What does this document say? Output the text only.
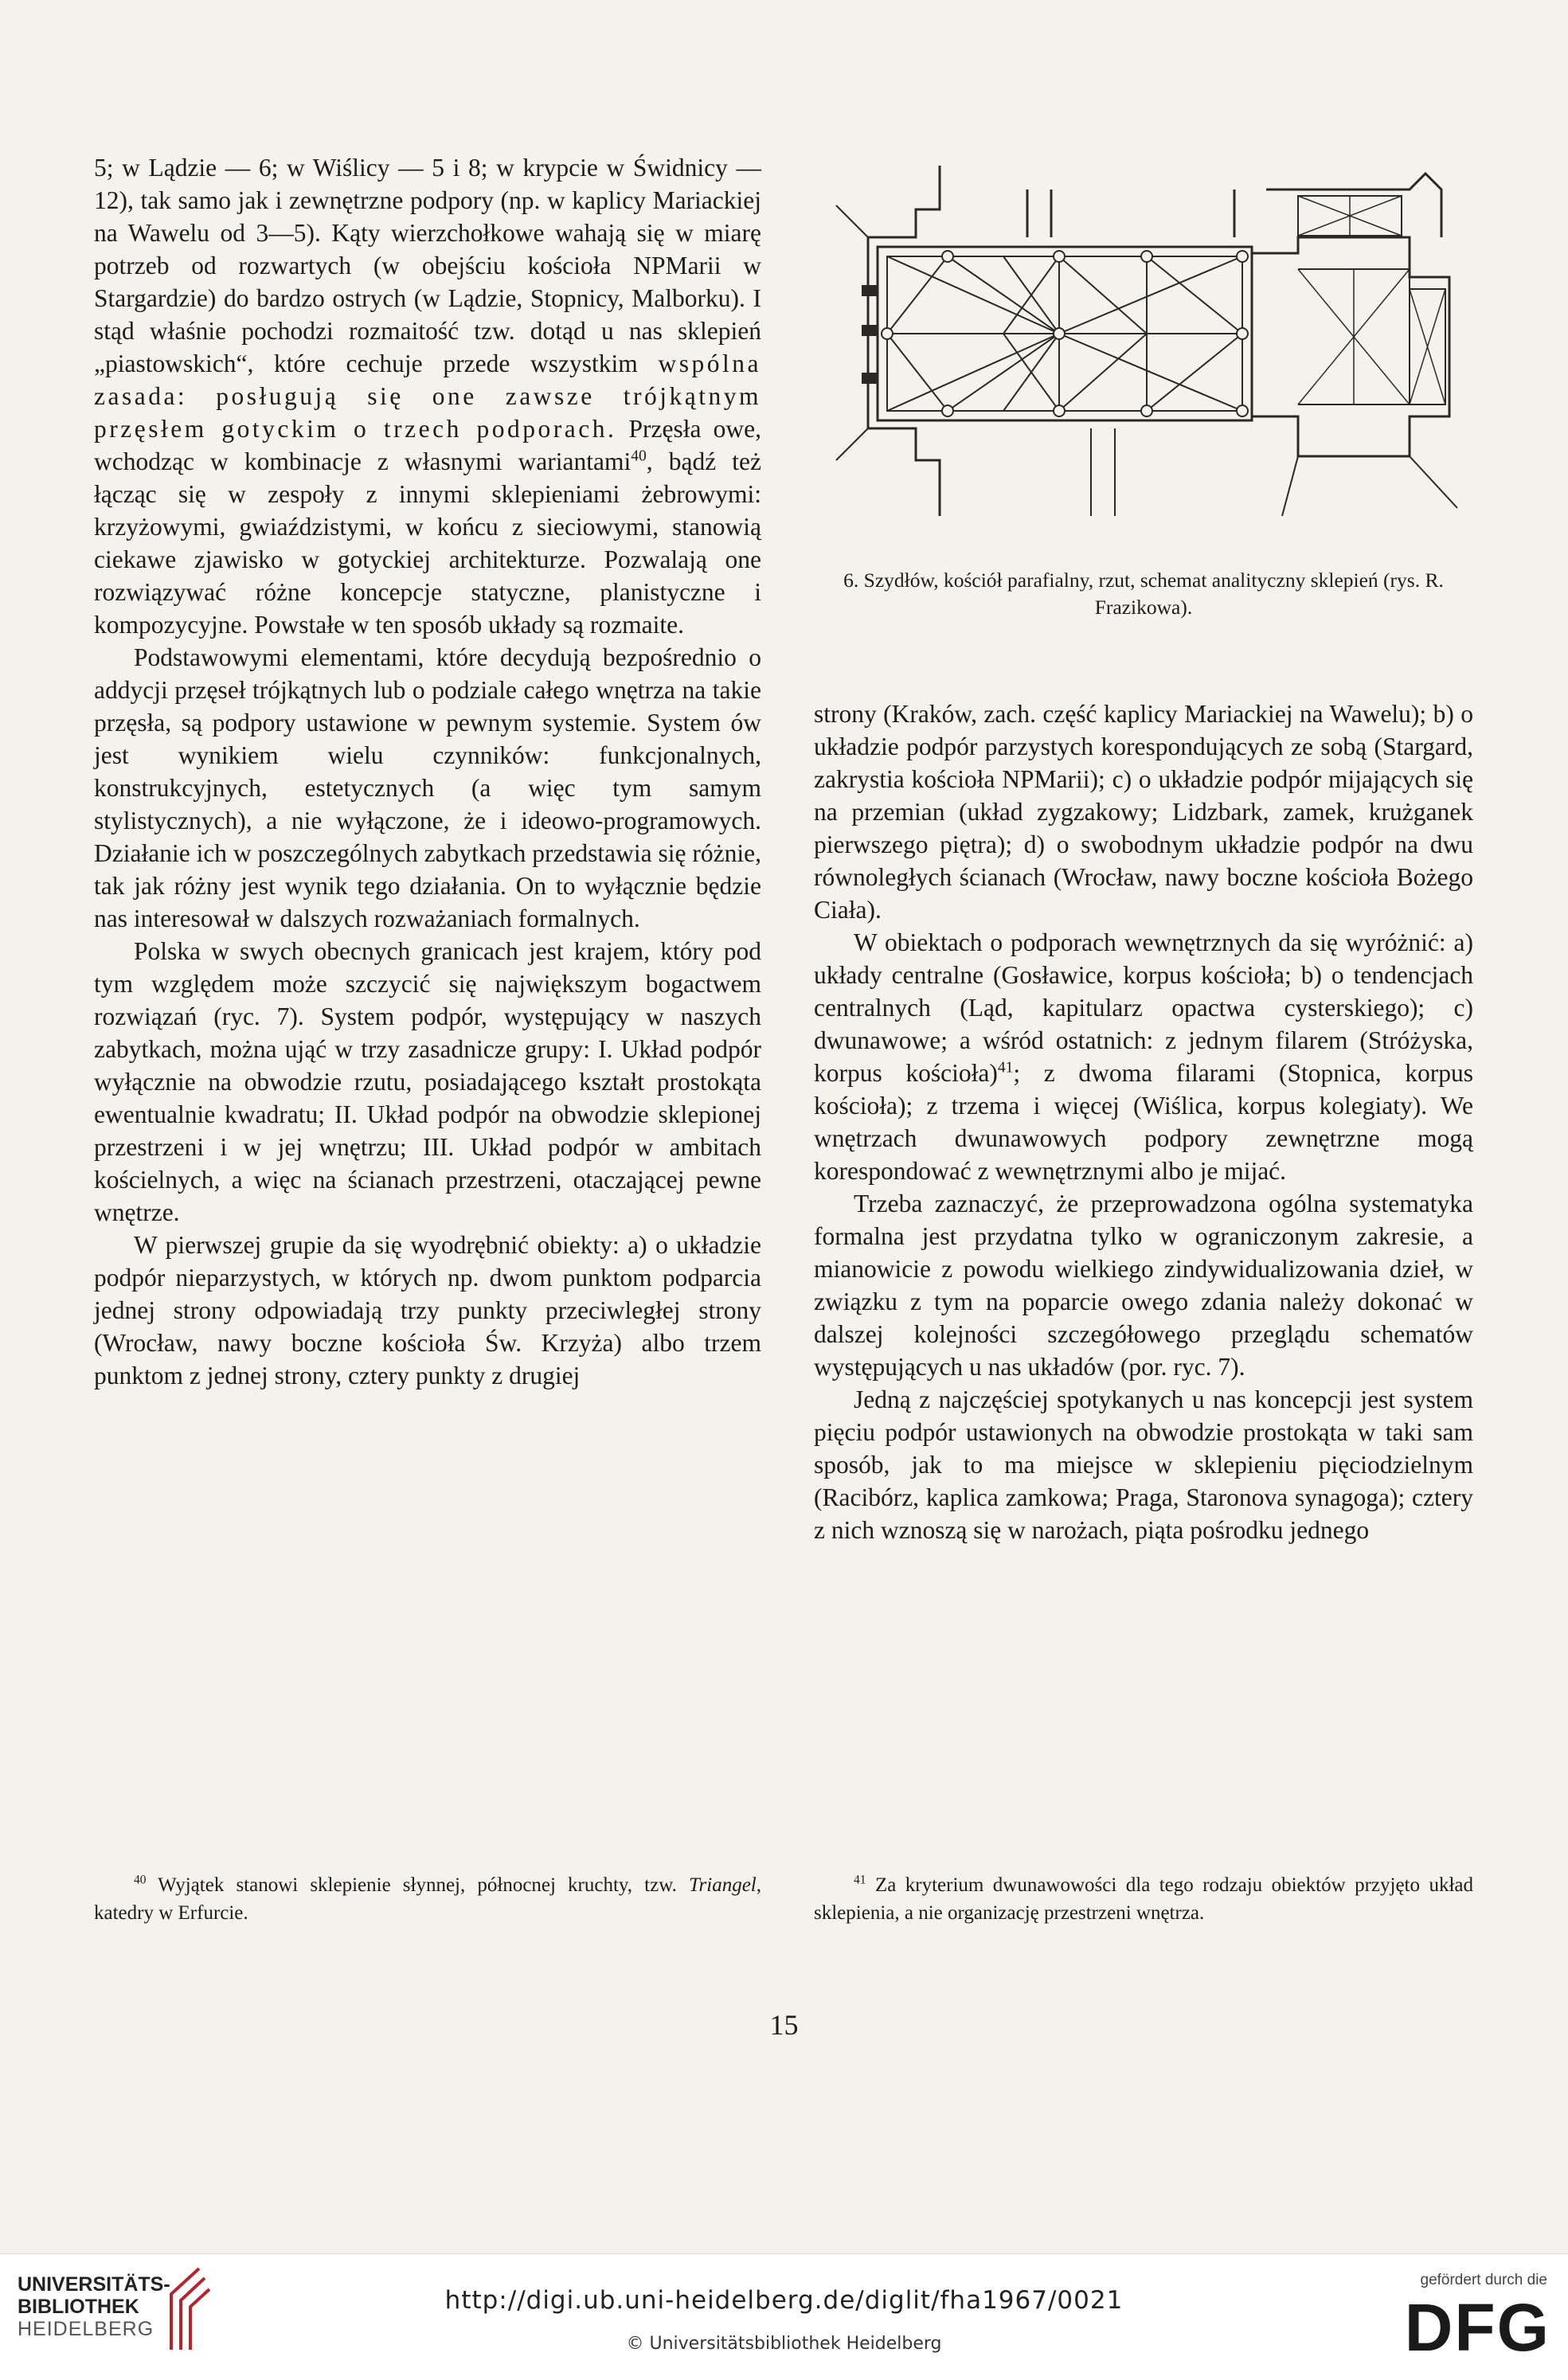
5; w Lądzie — 6; w Wiślicy — 5 i 8; w krypcie w Świdnicy — 12), tak samo jak i zewnętrzne podpory (np. w kaplicy Mariackiej na Wawelu od 3—5). Kąty wierzchołkowe wahają się w miarę potrzeb od rozwartych (w obejściu kościoła NPMarii w Stargardzie) do bardzo ostrych (w Lądzie, Stopnicy, Malborku). I stąd właśnie pochodzi rozmaitość tzw. dotąd u nas sklepień „piastowskich“, które cechuje przede wszystkim wspólna zasada: posługują się one zawsze trójkątnym przęsłem gotyckim o trzech podporach. Przęsła owe, wchodząc w kombinacje z własnymi wariantami$^{40}$, bądź też łącząc się w zespoły z innymi sklepieniami żebrowymi: krzyżowymi, gwiaździstymi, w końcu z sieciowymi, stanowią ciekawe zjawisko w gotyckiej architekturze. Pozwalają one rozwiązywać różne koncepcje statyczne, planistyczne i kompozycyjne. Powstałe w ten sposób układy są rozmaite.

Podstawowymi elementami, które decydują bezpośrednio o addycji przęseł trójkątnych lub o podziale całego wnętrza na takie przęsła, są podpory ustawione w pewnym systemie. System ów jest wynikiem wielu czynników: funkcjonalnych, konstrukcyjnych, estetycznych (a więc tym samym stylistycznych), a nie wyłączone, że i ideowo-programowych. Działanie ich w poszczególnych zabytkach przedstawia się różnie, tak jak różny jest wynik tego działania. On to wyłącznie będzie nas interesował w dalszych rozważaniach formalnych.

Polska w swych obecnych granicach jest krajem, który pod tym względem może szczycić się największym bogactwem rozwiązań (ryc. 7). System podpór, występujący w naszych zabytkach, można ująć w trzy zasadnicze grupy: I. Układ podpór wyłącznie na obwodzie rzutu, posiadającego kształt prostokąta ewentualnie kwadratu; II. Układ podpór na obwodzie sklepionej przestrzeni i w jej wnętrzu; III. Układ podpór w ambitach kościelnych, a więc na ścianach przestrzeni, otaczającej pewne wnętrze.

W pierwszej grupie da się wyodrębnić obiekty: a) o układzie podpór nieparzystych, w których np. dwom punktom podparcia jednej strony odpowiadają trzy punkty przeciwległej strony (Wrocław, nawy boczne kościoła Św. Krzyża) albo trzem punktom z jednej strony, cztery punkty z drugiej

6. Szydłów, kościół parafialny, rzut, schemat analityczny sklepień (rys. R. Frazikowa).

strony (Kraków, zach. część kaplicy Mariackiej na Wawelu); b) o układzie podpór parzystych korespondujących ze sobą (Stargard, zakrystia kościoła NPMarii); c) o układzie podpór mijających się na przemian (układ zygzakowy; Lidzbark, zamek, krużganek pierwszego piętra); d) o swobodnym układzie podpór na dwu równoległych ścianach (Wrocław, nawy boczne kościoła Bożego Ciała).

W obiektach o podporach wewnętrznych da się wyróżnić: a) układy centralne (Gosławice, korpus kościoła; b) o tendencjach centralnych (Ląd, kapitularz opactwa cysterskiego); c) dwunawowe; a wśród ostatnich: z jednym filarem (Stróżyska, korpus kościoła)$^{41}$; z dwoma filarami (Stopnica, korpus kościoła); z trzema i więcej (Wiślica, korpus kolegiaty). We wnętrzach dwunawowych podpory zewnętrzne mogą korespondować z wewnętrznymi albo je mijać.

Trzeba zaznaczyć, że przeprowadzona ogólna systematyka formalna jest przydatna tylko w ograniczonym zakresie, a mianowicie z powodu wielkiego zindywidualizowania dzieł, w związku z tym na poparcie owego zdania należy dokonać w dalszej kolejności szczegółowego przeglądu schematów występujących u nas układów (por. ryc. 7).

Jedną z najczęściej spotykanych u nas koncepcji jest system pięciu podpór ustawionych na obwodzie prostokąta w taki sam sposób, jak to ma miejsce w sklepieniu pięciodzielnym (Racibórz, kaplica zamkowa; Praga, Staronova synagoga); cztery z nich wznoszą się w narożach, piąta pośrodku jednego

$^{40}$ Wyjątek stanowi sklepienie słynnej, północnej kruchty, tzw. Triangel, katedry w Erfurcie.
$^{41}$ Za kryterium dwunawowości dla tego rodzaju obiektów przyjęto układ sklepienia, a nie organizację przestrzeni wnętrza.
15
UNIVERSITÄTS-
BIBLIOTHEK
HEIDELBERG
http://digi.ub.uni-heidelberg.de/diglit/fha1967/0021
© Universitätsbibliothek Heidelberg
gefördert durch die
DFG
